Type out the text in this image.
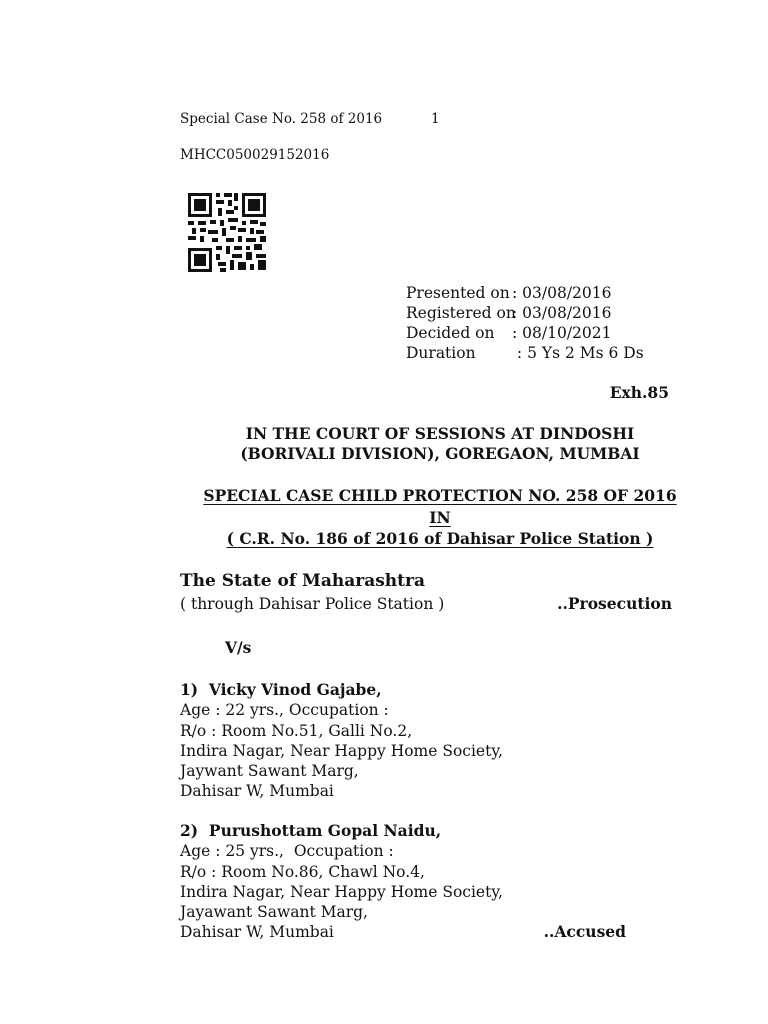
Special Case No. 258 of 2016	1
MHCC050029152016
Presented on : 03/08/2016
Registered on: 03/08/2016
Decided on : 08/10/2021
Duration : 5 Ys 2 Ms 6 Ds
Exh.85
IN THE COURT OF SESSIONS AT DINDOSHI
(BORIVALI DIVISION), GOREGAON, MUMBAI
SPECIAL CASE CHILD PROTECTION NO. 258 OF 2016
IN
( C.R. No. 186 of 2016 of Dahisar Police Station )
The State of Maharashtra
( through Dahisar Police Station )	..Prosecution
V/s
1)  Vicky Vinod Gajabe,
Age : 22 yrs., Occupation :
R/o : Room No.51, Galli No.2,
Indira Nagar, Near Happy Home Society,
Jaywant Sawant Marg,
Dahisar W, Mumbai
2)  Purushottam Gopal Naidu,
Age : 25 yrs.,  Occupation :
R/o : Room No.86, Chawl No.4,
Indira Nagar, Near Happy Home Society,
Jayawant Sawant Marg,
Dahisar W, Mumbai	..Accused
